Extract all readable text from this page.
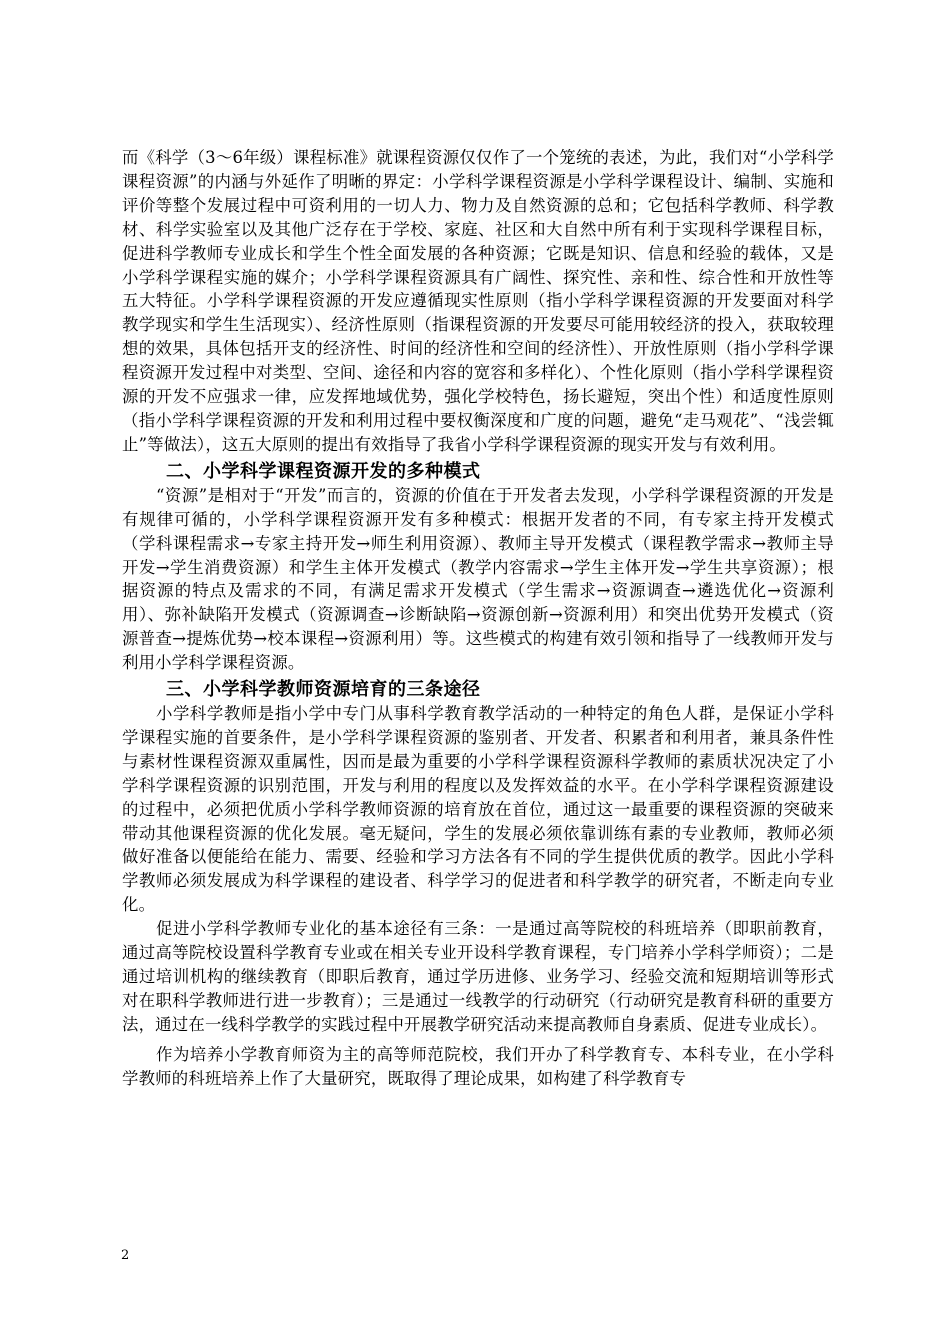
而《科学（3～6年级）课程标准》就课程资源仅仅作了一个笼统的表述，为此，我们对“小学科学课程资源”的内涵与外延作了明晰的界定：小学科学课程资源是小学科学课程设计、编制、实施和评价等整个发展过程中可资利用的一切人力、物力及自然资源的总和；它包括科学教师、科学教材、科学实验室以及其他广泛存在于学校、家庭、社区和大自然中所有利于实现科学课程目标，促进科学教师专业成长和学生个性全面发展的各种资源；它既是知识、信息和经验的载体，又是小学科学课程实施的媒介；小学科学课程资源具有广阔性、探究性、亲和性、综合性和开放性等五大特征。小学科学课程资源的开发应遵循现实性原则（指小学科学课程资源的开发要面对科学教学现实和学生生活现实）、经济性原则（指课程资源的开发要尽可能用较经济的投入，获取较理想的效果，具体包括开支的经济性、时间的经济性和空间的经济性）、开放性原则（指小学科学课程资源开发过程中对类型、空间、途径和内容的宽容和多样化）、个性化原则（指小学科学课程资源的开发不应强求一律，应发挥地域优势，强化学校特色，扬长避短，突出个性）和适度性原则（指小学科学课程资源的开发和利用过程中要权衡深度和广度的问题，避免“走马观花”、“浅尝辄止”等做法），这五大原则的提出有效指导了我省小学科学课程资源的现实开发与有效利用。

二、小学科学课程资源开发的多种模式

“资源”是相对于“开发”而言的，资源的价值在于开发者去发现，小学科学课程资源的开发是有规律可循的，小学科学课程资源开发有多种模式：根据开发者的不同，有专家主持开发模式（学科课程需求→专家主持开发→师生利用资源）、教师主导开发模式（课程教学需求→教师主导开发→学生消费资源）和学生主体开发模式（教学内容需求→学生主体开发→学生共享资源）；根据资源的特点及需求的不同，有满足需求开发模式（学生需求→资源调查→遴选优化→资源利用）、弥补缺陷开发模式（资源调查→诊断缺陷→资源创新→资源利用）和突出优势开发模式（资源普查→提炼优势→校本课程→资源利用）等。这些模式的构建有效引领和指导了一线教师开发与利用小学科学课程资源。

三、小学科学教师资源培育的三条途径

小学科学教师是指小学中专门从事科学教育教学活动的一种特定的角色人群，是保证小学科学课程实施的首要条件，是小学科学课程资源的鉴别者、开发者、积累者和利用者，兼具条件性与素材性课程资源双重属性，因而是最为重要的小学科学课程资源科学教师的素质状况决定了小学科学课程资源的识别范围，开发与利用的程度以及发挥效益的水平。在小学科学课程资源建设的过程中，必须把优质小学科学教师资源的培育放在首位，通过这一最重要的课程资源的突破来带动其他课程资源的优化发展。毫无疑问，学生的发展必须依靠训练有素的专业教师，教师必须做好准备以便能给在能力、需要、经验和学习方法各有不同的学生提供优质的教学。因此小学科学教师必须发展成为科学课程的建设者、科学学习的促进者和科学教学的研究者，不断走向专业化。

促进小学科学教师专业化的基本途径有三条：一是通过高等院校的科班培养（即职前教育，通过高等院校设置科学教育专业或在相关专业开设科学教育课程，专门培养小学科学师资）；二是通过培训机构的继续教育（即职后教育，通过学历进修、业务学习、经验交流和短期培训等形式对在职科学教师进行进一步教育）；三是通过一线教学的行动研究（行动研究是教育科研的重要方法，通过在一线科学教学的实践过程中开展教学研究活动来提高教师自身素质、促进专业成长）。

作为培养小学教育师资为主的高等师范院校，我们开办了科学教育专、本科专业，在小学科学教师的科班培养上作了大量研究，既取得了理论成果，如构建了科学教育专

2
